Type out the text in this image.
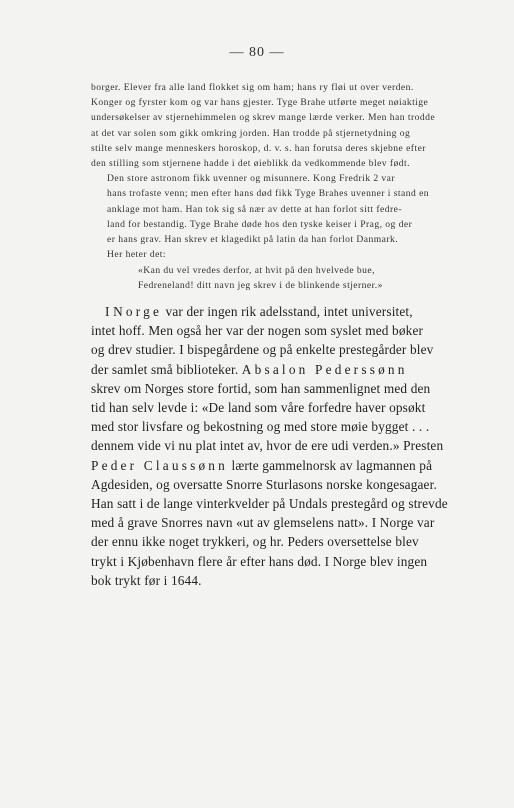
— 80 —

borger. Elever fra alle land flokket sig om ham; hans ry fløi ut over verden.
Konger og fyrster kom og var hans gjester. Tyge Brahe utførte meget nøiaktige
undersøkelser av stjernehimmelen og skrev mange lærde verker. Men han trodde
at det var solen som gikk omkring jorden. Han trodde på stjernetydning og
stilte selv mange menneskers horoskop, d. v. s. han forutsa deres skjebne efter
den stilling som stjernene hadde i det øieblikk da vedkommende blev født.

Den store astronom fikk uvenner og misunnere. Kong Fredrik 2 var
hans trofaste venn; men efter hans død fikk Tyge Brahes uvenner i stand en
anklage mot ham. Han tok sig så nær av dette at han forlot sitt fedre-
land for bestandig. Tyge Brahe døde hos den tyske keiser i Prag, og der
er hans grav. Han skrev et klagedikt på latin da han forlot Danmark.

Her heter det:

«Kan du vel vredes derfor, at hvit på den hvelvede bue,
Fedreneland! ditt navn jeg skrev i de blinkende stjerner.»
I Norge var der ingen rik adelsstand, intet universitet,
intet hoff. Men også her var der nogen som syslet med bøker
og drev studier. I bispegårdene og på enkelte prestegårder blev
der samlet små biblioteker. Absalon Pederssønn
skrev om Norges store fortid, som han sammenlignet med den
tid han selv levde i: «De land som våre forfedre haver opsøkt
med stor livsfare og bekostning og med store møie bygget . . .
dennem vide vi nu plat intet av, hvor de ere udi verden.» Presten
Peder Claussønn lærte gammelnorsk av lagmannen på
Agdesiden, og oversatte Snorre Sturlasons norske kongesagaer.
Han satt i de lange vinterkvelder på Undals prestegård og strevde
med å grave Snorres navn «ut av glemselens natt». I Norge var
der ennu ikke noget trykkeri, og hr. Peders oversettelse blev
trykt i Kjøbenhavn flere år efter hans død. I Norge blev ingen
bok trykt før i 1644.
